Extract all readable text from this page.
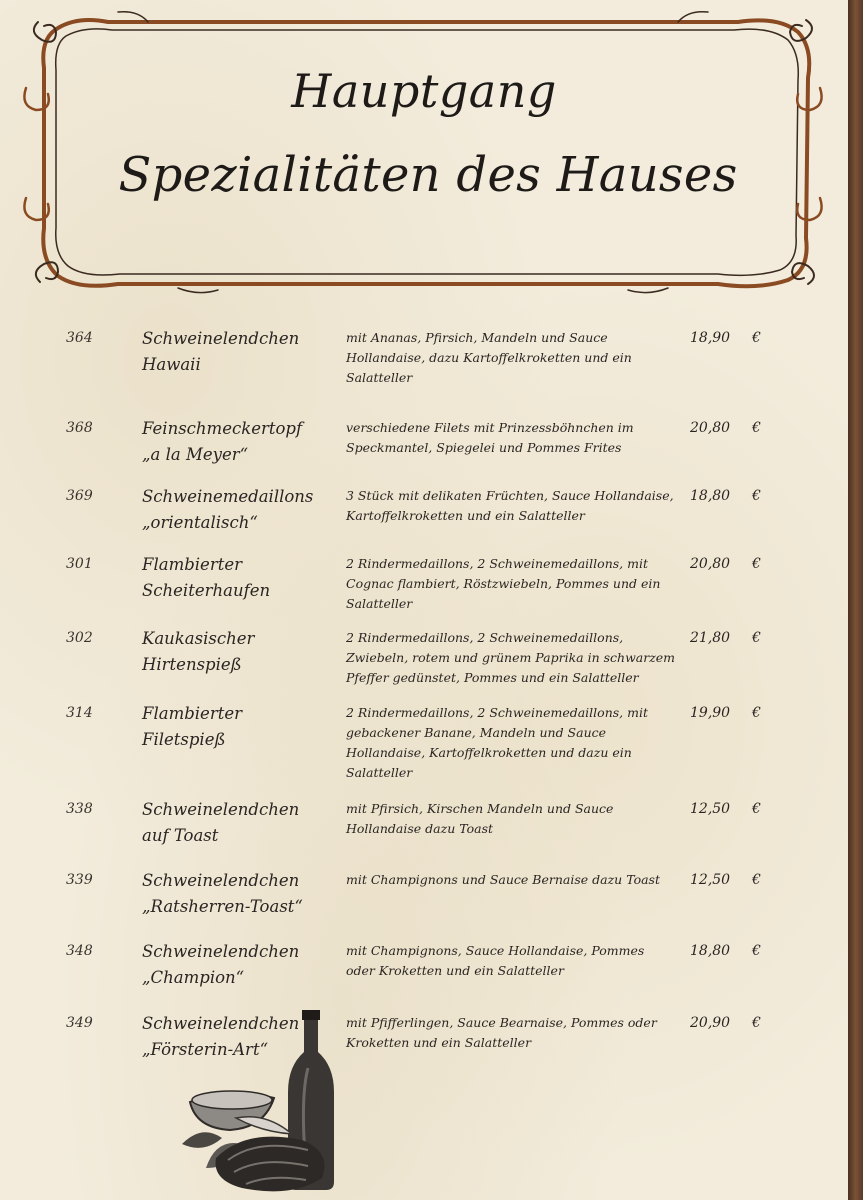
Hauptgang
Spezialitäten des Hauses
364	Schweinelendchen
Hawaii
mit Ananas, Pfirsich, Mandeln und Sauce Hollandaise, dazu Kartoffelkroketten und ein Salatteller
18,90 €
368	Feinschmeckertopf
„a la Meyer“
verschiedene Filets mit Prinzessböhnchen im Speckmantel, Spiegelei und Pommes Frites
20,80 €
369	Schweinemedaillons
„orientalisch“
3 Stück mit delikaten Früchten, Sauce Hollandaise, Kartoffelkroketten und ein Salatteller
18,80 €
301	Flambierter
Scheiterhaufen
2 Rindermedaillons, 2 Schweinemedaillons, mit Cognac flambiert, Röstzwiebeln, Pommes und ein Salatteller
20,80 €
302	Kaukasischer
Hirtenspieß
2 Rindermedaillons, 2 Schweinemedaillons, Zwiebeln, rotem und grünem Paprika in schwarzem Pfeffer gedünstet, Pommes und ein Salatteller
21,80 €
314	Flambierter Filetspieß
2 Rindermedaillons, 2 Schweinemedaillons, mit gebackener Banane, Mandeln und Sauce Hollandaise, Kartoffelkroketten und dazu ein Salatteller
19,90 €
338	Schweinelendchen
auf Toast
mit Pfirsich, Kirschen Mandeln und Sauce Hollandaise dazu Toast
12,50 €
339	Schweinelendchen
„Ratsherren-Toast“
mit Champignons und Sauce Bernaise dazu Toast	12,50 €
348	Schweinelendchen
„Champion“
mit Champignons, Sauce Hollandaise, Pommes oder Kroketten und ein Salatteller
18,80 €
349	Schweinelendchen
„Försterin-Art“
mit Pfifferlingen, Sauce Bearnaise, Pommes oder Kroketten und ein Salatteller
20,90 €
